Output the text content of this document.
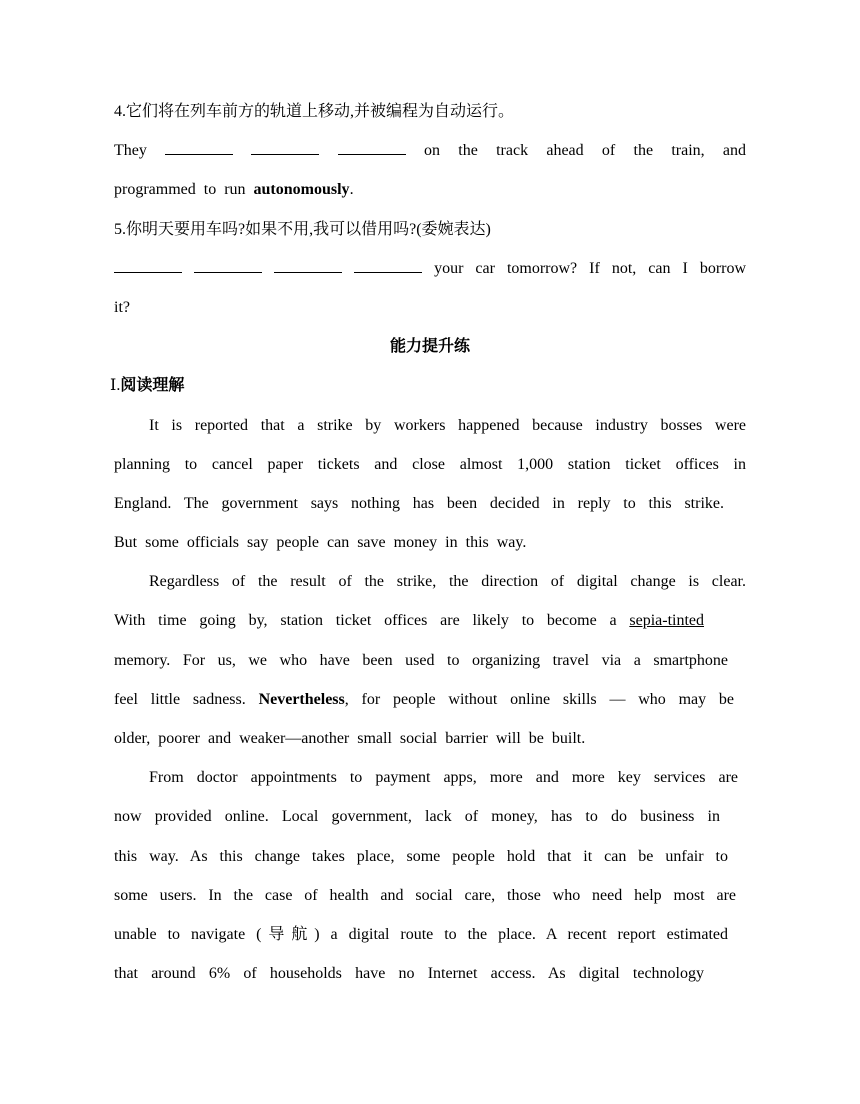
4.它们将在列车前方的轨道上移动,并被编程为自动运行。
They	on the track ahead of the train, and
programmed to run autonomously.
5.你明天要用车吗?如果不用,我可以借用吗?(委婉表达)
your car tomorrow? If not, can I borrow
it?
能力提升练
Ⅰ.阅读理解
It is reported that a strike by workers happened because industry bosses were
planning to cancel paper tickets and close almost 1,000 station ticket offices in
England. The government says nothing has been decided in reply to this strike.
But some officials say people can save money in this way.
Regardless of the result of the strike, the direction of digital change is clear.
With time going by, station ticket offices are likely to become a sepia-tinted
memory. For us, we who have been used to organizing travel via a smartphone
feel little sadness. Nevertheless, for people without online skills — who may be
older, poorer and weaker—another small social barrier will be built.
From doctor appointments to payment apps, more and more key services are
now provided online. Local government, lack of money, has to do business in
this way. As this change takes place, some people hold that it can be unfair to
some users. In the case of health and social care, those who need help most are
unable to navigate (导航) a digital route to the place. A recent report estimated
that around 6% of households have no Internet access. As digital technology
